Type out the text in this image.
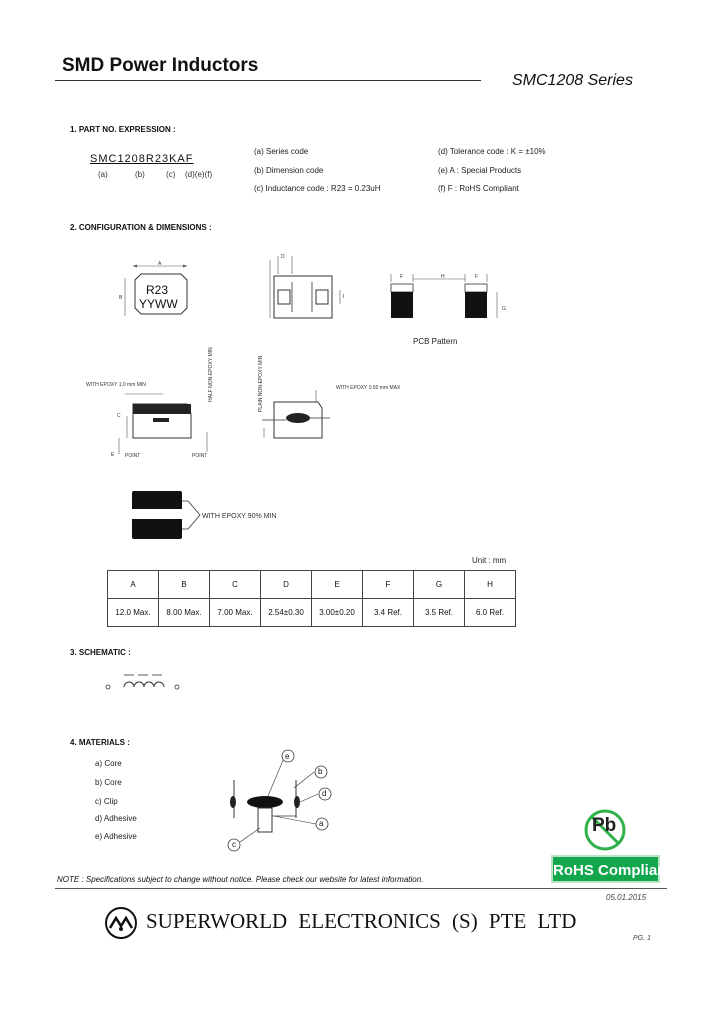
SMD Power Inductors
SMC1208 Series
1. PART NO. EXPRESSION :
SMC1208R23KAF
(a)	(b)	(c) (d)(e)(f)
(a) Series code
(b) Dimension code
(c) Inductance code : R23 = 0.23uH
(d) Tolerance code : K = ±10%
(e) A : Special Products
(f) F : RoHS Compliant
2. CONFIGURATION & DIMENSIONS :
A
B
R23
YYWW
D
I
F	H	F
G
PCB Pattern
WITH EPOXY 1.0 mm MIN	HALF NON-EPOXY MIN	PLAIN NON-EPOXY MIN	WITH EPOXY 0.50 mm MAX
C
E POINT	POINT
WITH EPOXY 90% MIN
Unit : mm
A	B	C	D	E	F	G	H
12.0 Max.	8.00 Max.	7.00 Max.	2.54±0.30	3.00±0.20	3.4 Ref.	3.5 Ref.	6.0 Ref.
3. SCHEMATIC :
4. MATERIALS :
a) Core
b) Core
c) Clip
d) Adhesive
e) Adhesive
e
b
d
a
c
Pb
RoHS Compliant
NOTE : Specifications subject to change without notice. Please check our website for latest information.
05.01.2015
SUPERWORLD ELECTRONICS (S) PTE LTD
PG. 1
